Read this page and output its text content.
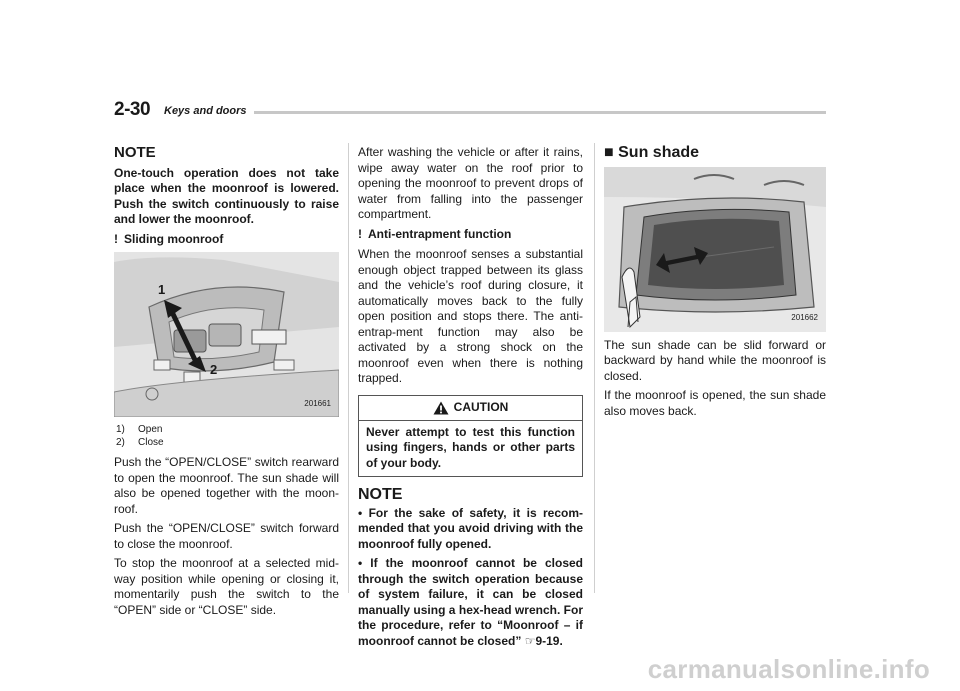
2-30 Keys and doors
NOTE

One-touch operation does not take place when the moonroof is lowered. Push the switch continuously to raise and lower the moonroof.

! Sliding moonroof
1
2
201661
1) Open
2) Close

Push the “OPEN/CLOSE” switch rearward to open the moonroof. The sun shade will also be opened together with the moon-roof.

Push the “OPEN/CLOSE” switch forward to close the moonroof.

To stop the moonroof at a selected mid-way position while opening or closing it, momentarily push the switch to the “OPEN” side or “CLOSE” side.

After washing the vehicle or after it rains, wipe away water on the roof prior to opening the moonroof to prevent drops of water from falling into the passenger compartment.

! Anti-entrapment function

When the moonroof senses a substantial enough object trapped between its glass and the vehicle’s roof during closure, it automatically moves back to the fully open position and stops there. The anti-entrap-ment function may also be activated by a strong shock on the moonroof even when there is nothing trapped.

CAUTION
Never attempt to test this function using fingers, hands or other parts of your body.
NOTE

• For the sake of safety, it is recom-mended that you avoid driving with the moonroof fully opened.

• If the moonroof cannot be closed through the switch operation because of system failure, it can be closed manually using a hex-head wrench. For the procedure, refer to “Moonroof – if moonroof cannot be closed” ☞9-19.

■ Sun shade
201662

The sun shade can be slid forward or backward by hand while the moonroof is closed.

If the moonroof is opened, the sun shade also moves back.

carmanualsonline.info
